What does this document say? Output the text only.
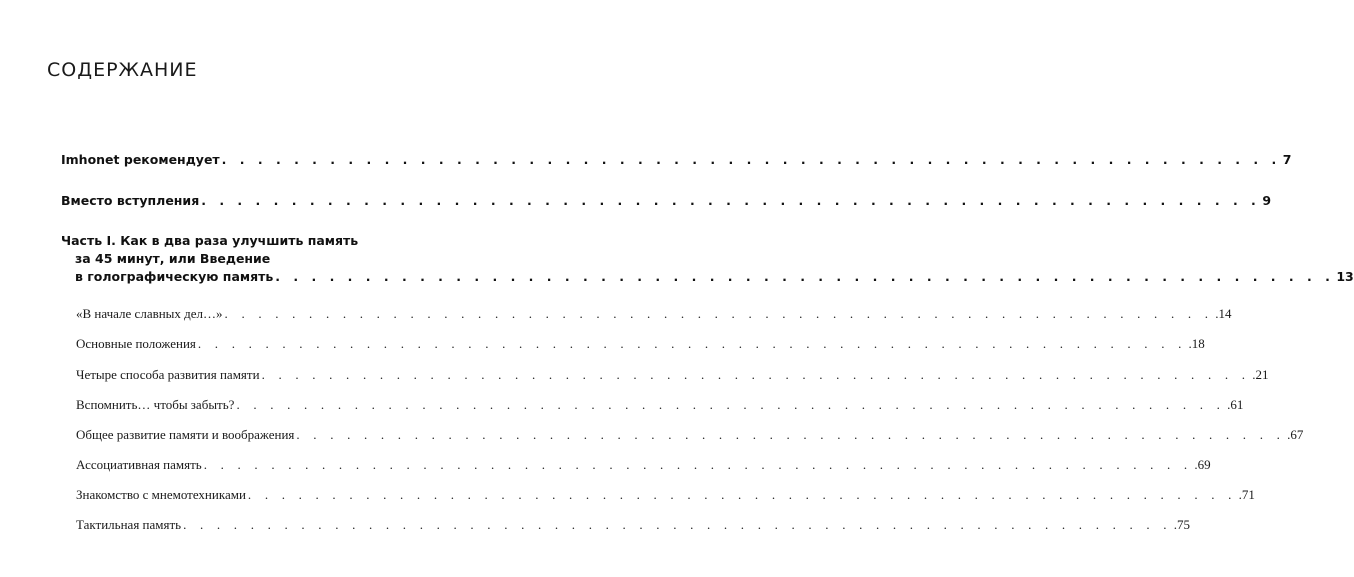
СОДЕРЖАНИЕ
Imhonet рекомендует . . . . . . . . . . . . . . . . . . . . . . . . . . . . . . . . . . . . . . . . . . . . . . . . . . . . . . . . . . . 7
Вместо вступления . . . . . . . . . . . . . . . . . . . . . . . . . . . . . . . . . . . . . . . . . . . . . . . . . . . . . . . . . . . 9
Часть I. Как в два раза улучшить память
за 45 минут, или Введение
в голографическую память . . . . . . . . . . . . . . . . . . . . . . . . . . . . . . . . . . . . . . . . . . . . . . . . . . . . . . . . . . . 13
«В начале славных дел…» . . . . . . . . . . . . . . . . . . . . . . . . . . . . . . . . . . . . . . . . . . . . . . . . . . . . . . . . . . . .14
Основные положения . . . . . . . . . . . . . . . . . . . . . . . . . . . . . . . . . . . . . . . . . . . . . . . . . . . . . . . . . . . .18
Четыре способа развития памяти . . . . . . . . . . . . . . . . . . . . . . . . . . . . . . . . . . . . . . . . . . . . . . . . . . . . . . . . . . . .21
Вспомнить… чтобы забыть? . . . . . . . . . . . . . . . . . . . . . . . . . . . . . . . . . . . . . . . . . . . . . . . . . . . . . . . . . . . .61
Общее развитие памяти и воображения . . . . . . . . . . . . . . . . . . . . . . . . . . . . . . . . . . . . . . . . . . . . . . . . . . . . . . . . . . . .67
Ассоциативная память . . . . . . . . . . . . . . . . . . . . . . . . . . . . . . . . . . . . . . . . . . . . . . . . . . . . . . . . . . . .69
Знакомство с мнемотехниками . . . . . . . . . . . . . . . . . . . . . . . . . . . . . . . . . . . . . . . . . . . . . . . . . . . . . . . . . . . .71
Тактильная память . . . . . . . . . . . . . . . . . . . . . . . . . . . . . . . . . . . . . . . . . . . . . . . . . . . . . . . . . . . .75
